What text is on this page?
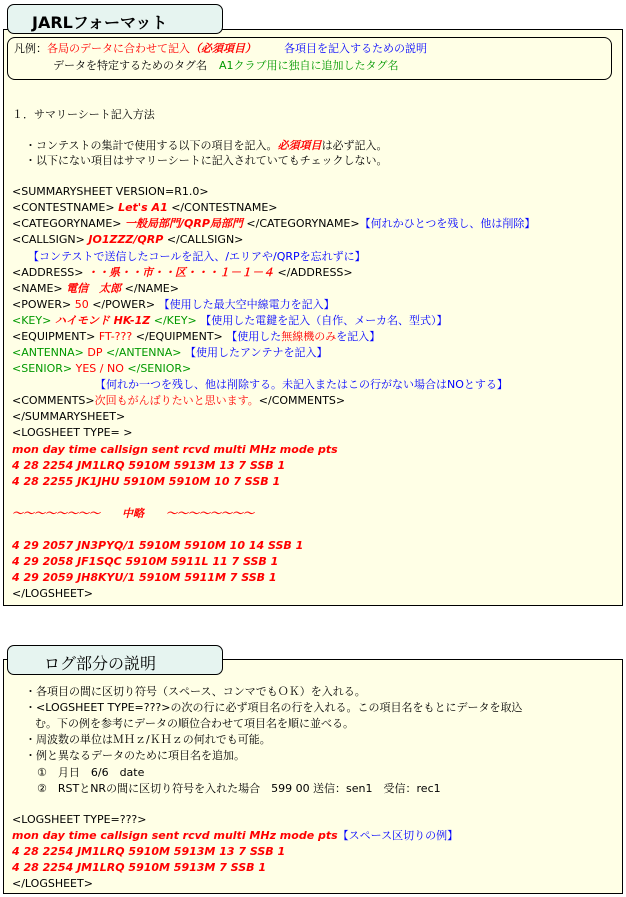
JARLフォーマット
凡例：各局のデータに合わせて記入（必須項目）	各項目を記入するための説明
データを特定するためのタグ名 A1クラブ用に独自に追加したタグ名
１．サマリーシート記入方法
・コンテストの集計で使用する以下の項目を記入。必須項目は必ず記入。
・以下にない項目はサマリーシートに記入されていてもチェックしない。
<SUMMARYSHEET VERSION=R1.0>
<CONTESTNAME> Let's A1 </CONTESTNAME>
<CATEGORYNAME> 一般局部門/QRP局部門 </CATEGORYNAME>【何れかひとつを残し、他は削除】
<CALLSIGN> JO1ZZZ/QRP </CALLSIGN>
【コンテストで送信したコールを記入、/エリアや/QRPを忘れずに】
<ADDRESS> ・・県・・市・・区・・・１－１－４ </ADDRESS>
<NAME> 電信　太郎 </NAME>
<POWER> 50 </POWER> 【使用した最大空中線電力を記入】
<KEY> ハイモンド HK-1Z </KEY> 【使用した電鍵を記入（自作、メーカ名、型式）】
<EQUIPMENT> FT-??? </EQUIPMENT> 【使用した無線機のみを記入】
<ANTENNA> DP </ANTENNA> 【使用したアンテナを記入】
<SENIOR> YES / NO </SENIOR>
【何れか一つを残し、他は削除する。未記入またはこの行がない場合はNOとする】
<COMMENTS>次回もがんばりたいと思います。</COMMENTS>
</SUMMARYSHEET>
<LOGSHEET TYPE= >
mon day time callsign sent rcvd multi MHz mode pts
4 28 2254 JM1LRQ 5910M 5913M 13 7 SSB 1
4 28 2255 JK1JHU 5910M 5910M 10 7 SSB 1
～～～～～～～～　　中略　　～～～～～～～～
4 29 2057 JN3PYQ/1 5910M 5910M 10 14 SSB 1
4 29 2058 JF1SQC 5910M 5911L 11 7 SSB 1
4 29 2059 JH8KYU/1 5910M 5911M 7 SSB 1
</LOGSHEET>
ログ部分の説明
・各項目の間に区切り符号（スペース、コンマでもＯＫ）を入れる。
・<LOGSHEET TYPE=???>の次の行に必ず項目名の行を入れる。この項目名をもとにデータを取込
む。下の例を参考にデータの順位合わせて項目名を順に並べる。
・周波数の単位はＭＨｚ/ＫＨｚの何れでも可能。
・例と異なるデータのために項目名を追加。
①　月日　6/6　date
②　RSTとNRの間に区切り符号を入れた場合　599 00 送信：sen1　受信：rec1
<LOGSHEET TYPE=???>
mon day time callsign sent rcvd multi MHz mode pts【スペース区切りの例】
4 28 2254 JM1LRQ 5910M 5913M 13 7 SSB 1
4 28 2254 JM1LRQ 5910M 5913M 7 SSB 1
</LOGSHEET>
